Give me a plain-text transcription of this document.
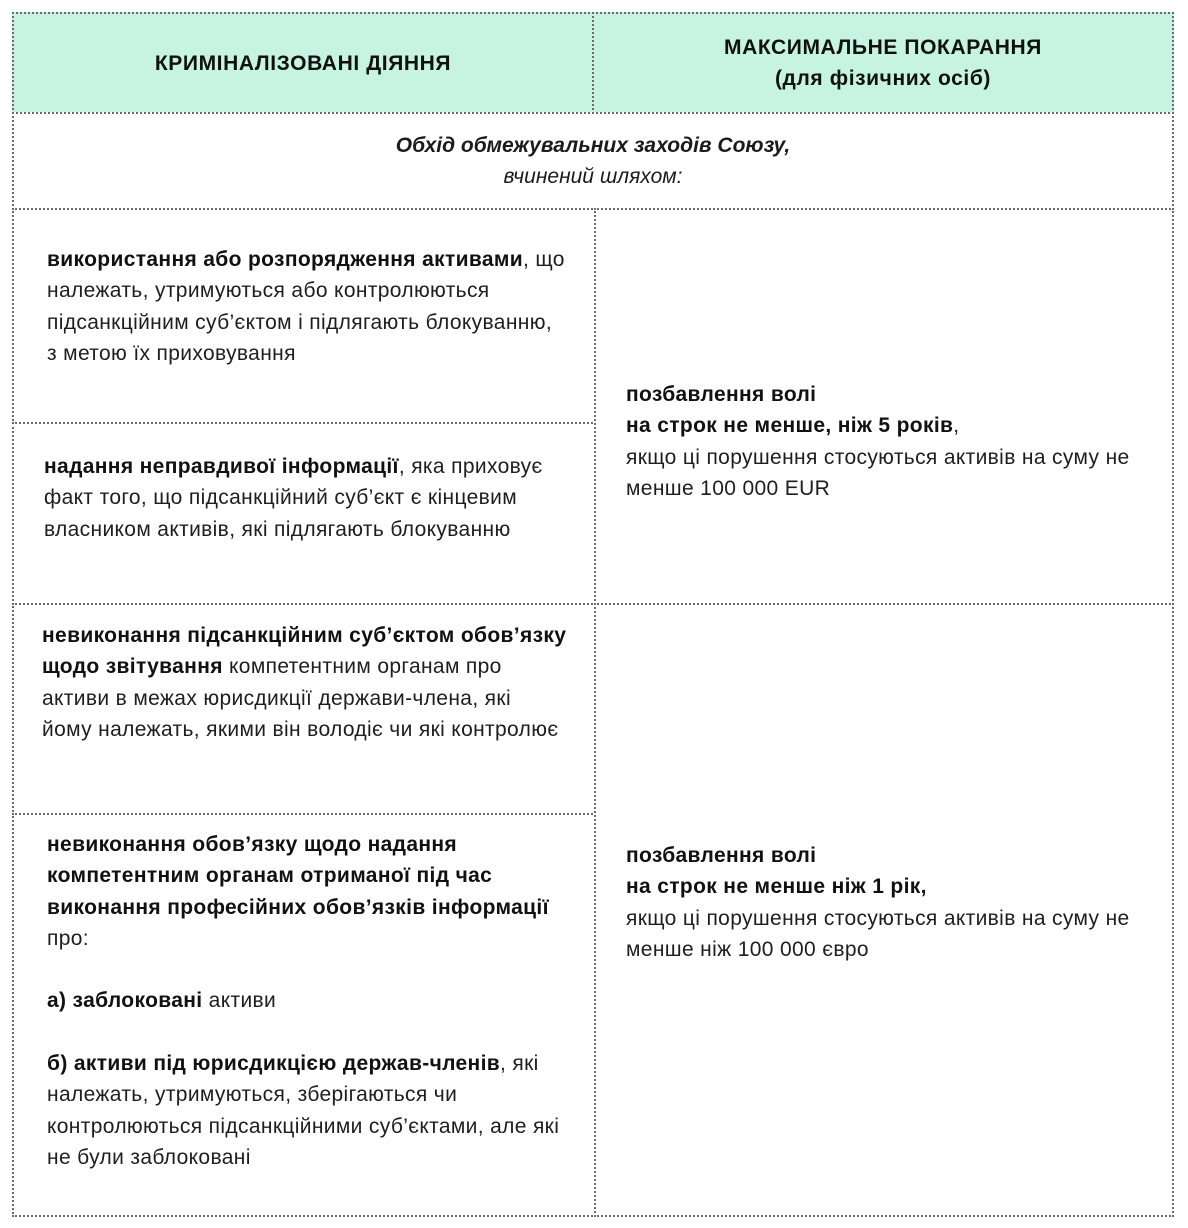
КРИМІНАЛІЗОВАНІ ДІЯННЯ
МАКСИМАЛЬНЕ ПОКАРАННЯ
(для фізичних осіб)
Обхід обмежувальних заходів Союзу,
вчинений шляхом:
використання або розпорядження активами, що належать, утримуються або контролюються підсанкційним суб’єктом і підлягають блокуванню, з метою їх приховування
надання неправдивої інформації, яка приховує факт того, що підсанкційний суб’єкт є кінцевим власником активів, які підлягають блокуванню
позбавлення волі
на строк не менше, ніж 5 років,
якщо ці порушення стосуються активів на суму не менше 100 000 EUR
невиконання підсанкційним суб’єктом обов’язку щодо звітування компетентним органам про активи в межах юрисдикції держави-члена, які йому належать, якими він володіє чи які контролює
невиконання обов’язку щодо надання компетентним органам отриманої під час виконання професійних обов’язків інформації про:
а) заблоковані активи
б) активи під юрисдикцією держав-членів, які належать, утримуються, зберігаються чи контролюються підсанкційними суб’єктами, але які не були заблоковані
позбавлення волі
на строк не менше ніж 1 рік,
якщо ці порушення стосуються активів на суму не менше ніж 100 000 євро
